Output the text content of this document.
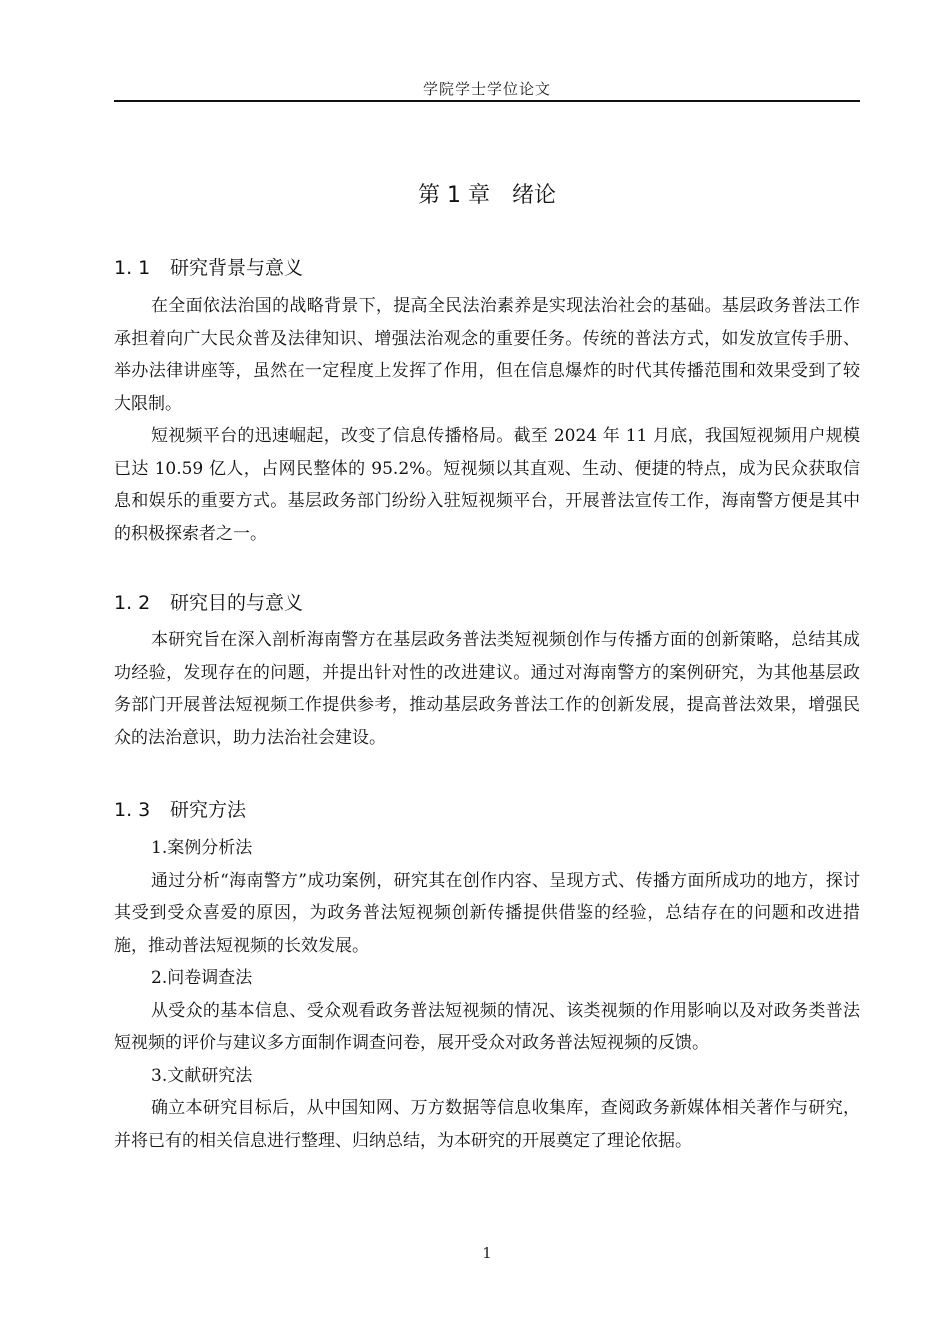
学院学士学位论文
第 1 章 绪论
1. 1 研究背景与意义

在全面依法治国的战略背景下，提高全民法治素养是实现法治社会的基础。基层政务普法工作承担着向广大民众普及法律知识、增强法治观念的重要任务。传统的普法方式，如发放宣传手册、举办法律讲座等，虽然在一定程度上发挥了作用，但在信息爆炸的时代其传播范围和效果受到了较大限制。

短视频平台的迅速崛起，改变了信息传播格局。截至 2024 年 11 月底，我国短视频用户规模已达 10.59 亿人，占网民整体的 95.2%。短视频以其直观、生动、便捷的特点，成为民众获取信息和娱乐的重要方式。基层政务部门纷纷入驻短视频平台，开展普法宣传工作，海南警方便是其中的积极探索者之一。

1. 2 研究目的与意义

本研究旨在深入剖析海南警方在基层政务普法类短视频创作与传播方面的创新策略，总结其成功经验，发现存在的问题，并提出针对性的改进建议。通过对海南警方的案例研究，为其他基层政务部门开展普法短视频工作提供参考，推动基层政务普法工作的创新发展，提高普法效果，增强民众的法治意识，助力法治社会建设。

1. 3 研究方法

1.案例分析法

通过分析“海南警方”成功案例，研究其在创作内容、呈现方式、传播方面所成功的地方，探讨其受到受众喜爱的原因，为政务普法短视频创新传播提供借鉴的经验，总结存在的问题和改进措施，推动普法短视频的长效发展。

2.问卷调查法

从受众的基本信息、受众观看政务普法短视频的情况、该类视频的作用影响以及对政务类普法短视频的评价与建议多方面制作调查问卷，展开受众对政务普法短视频的反馈。

3.文献研究法

确立本研究目标后，从中国知网、万方数据等信息收集库，查阅政务新媒体相关著作与研究，并将已有的相关信息进行整理、归纳总结，为本研究的开展奠定了理论依据。

1
